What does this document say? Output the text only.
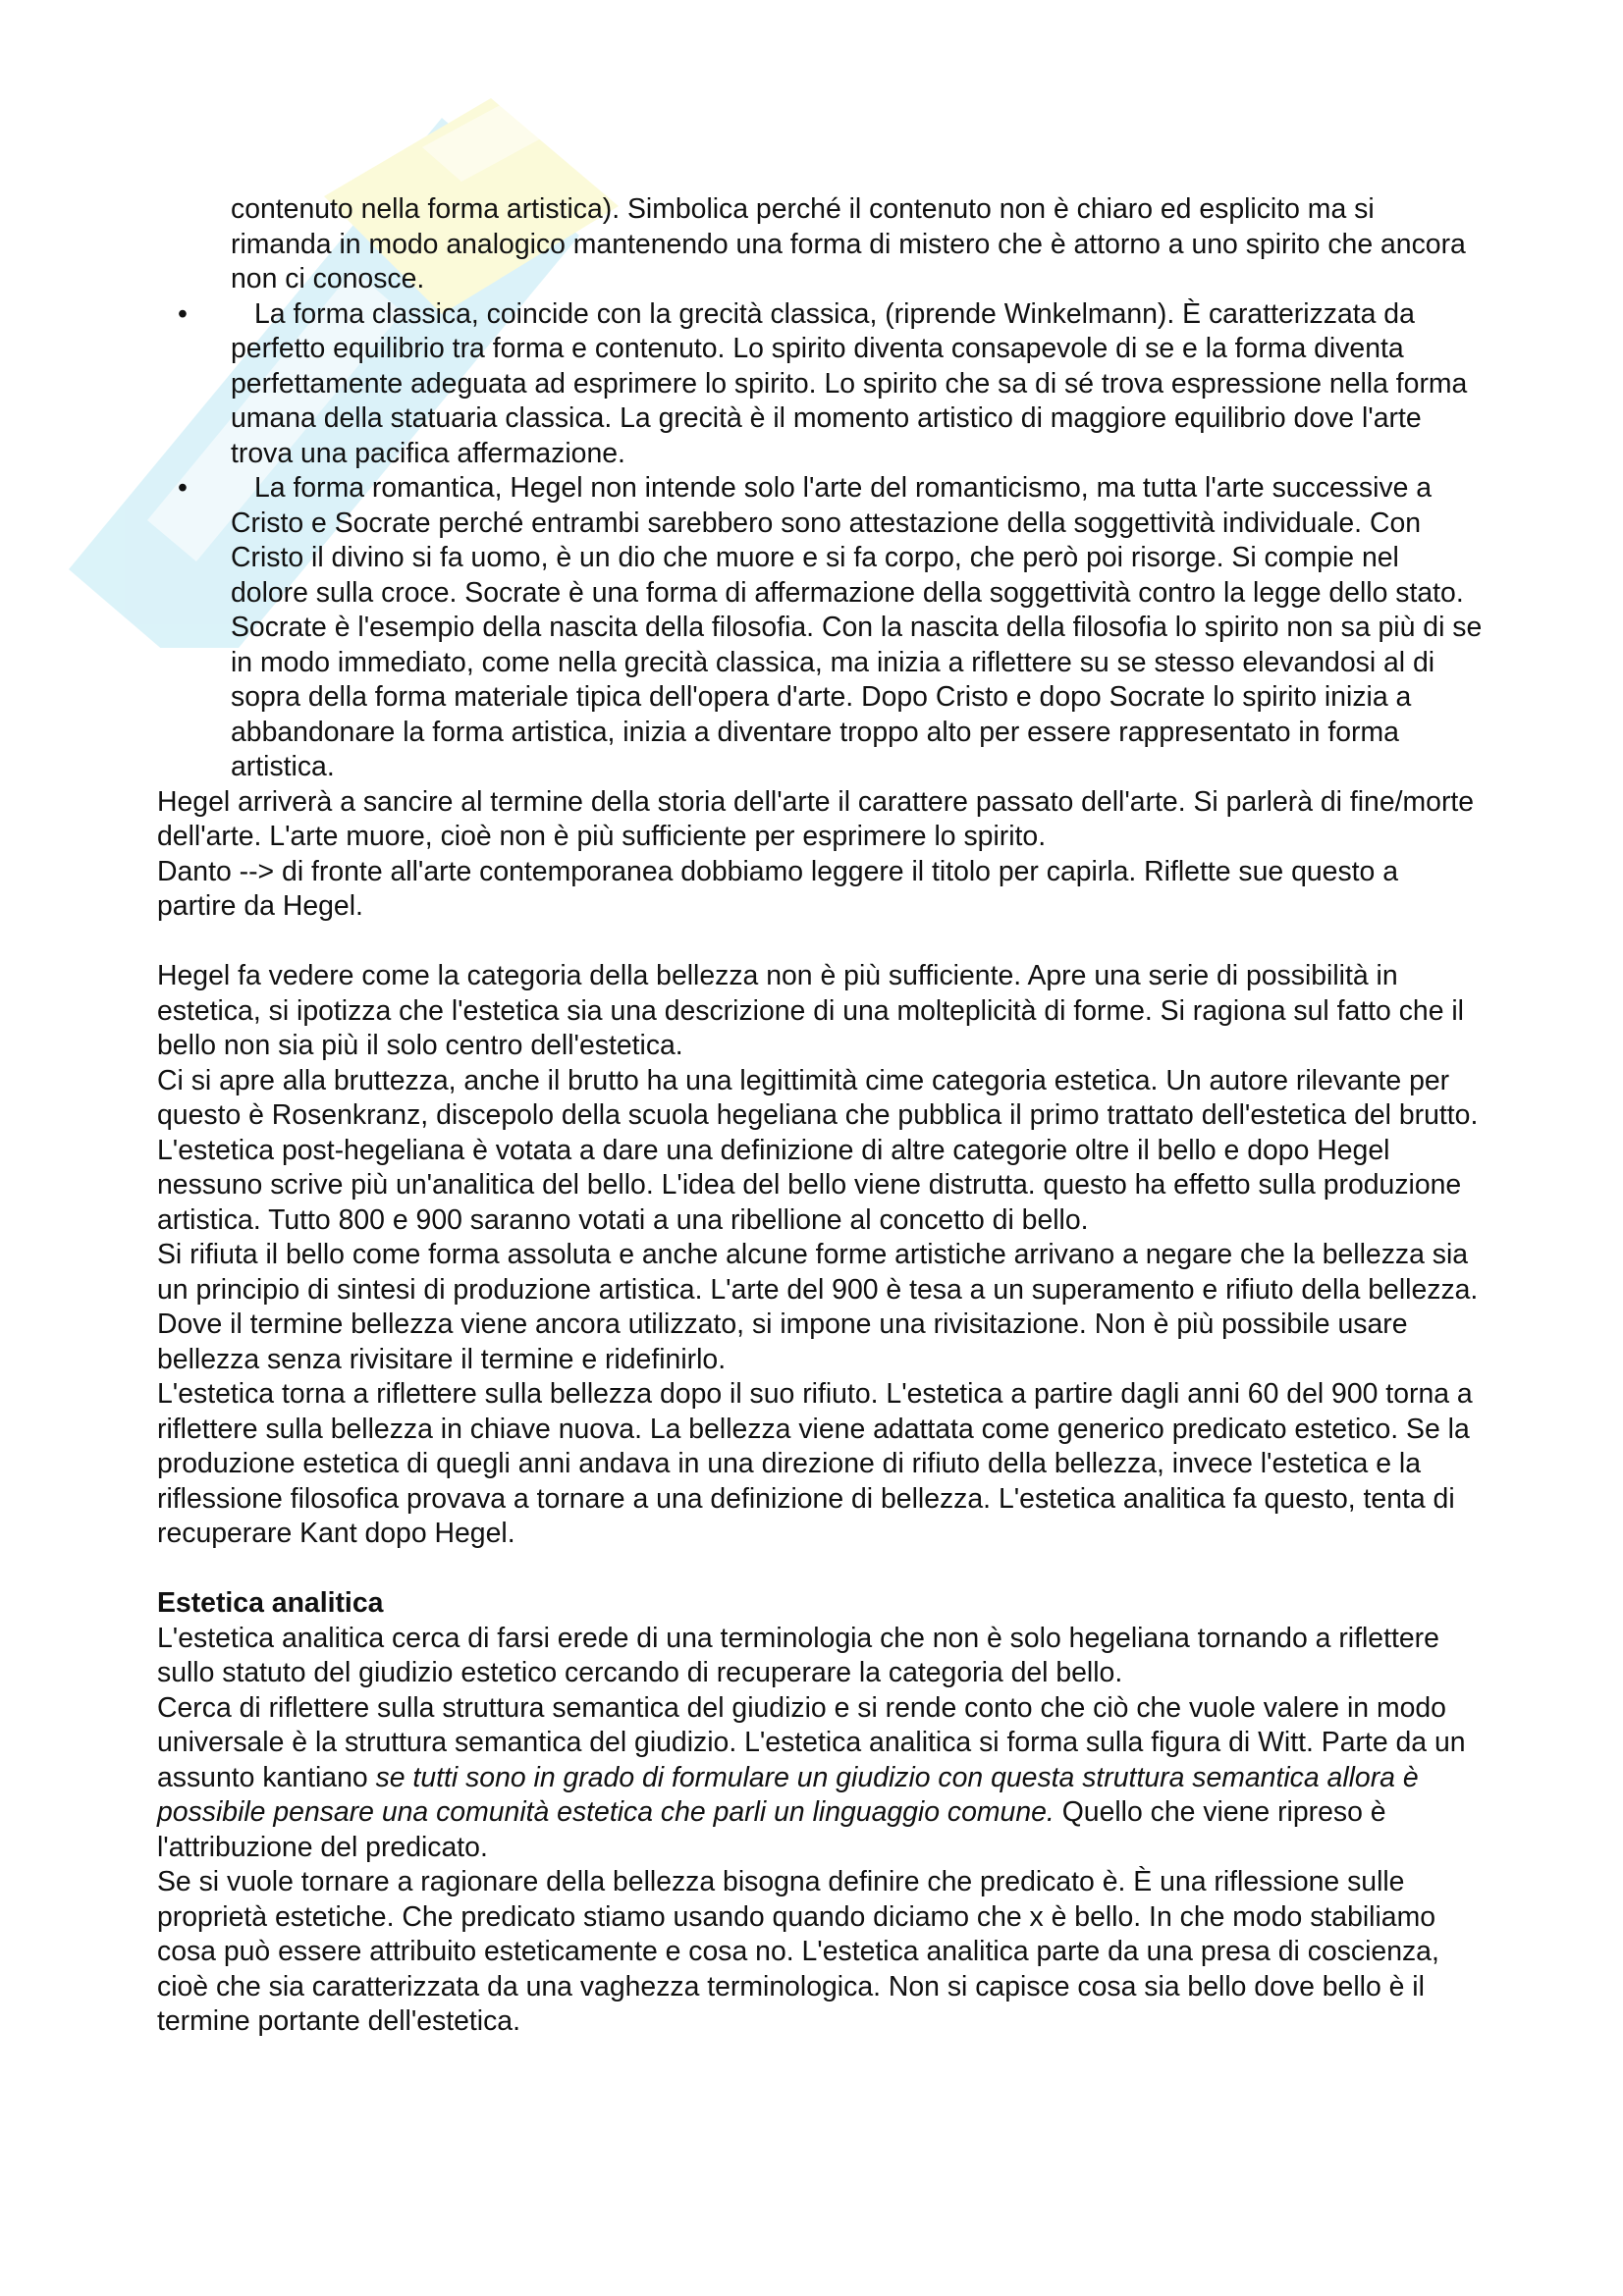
contenuto nella forma artistica). Simbolica perché il contenuto non è chiaro ed esplicito ma si rimanda in modo analogico mantenendo una forma di mistero che è attorno a uno spirito che ancora non ci conosce.

•	La forma classica, coincide con la grecità classica, (riprende Winkelmann). È caratterizzata da perfetto equilibrio tra forma e contenuto. Lo spirito diventa consapevole di se e la forma diventa perfettamente adeguata ad esprimere lo spirito. Lo spirito che sa di sé trova espressione nella forma umana della statuaria classica. La grecità è il momento artistico di maggiore equilibrio dove l'arte trova una pacifica affermazione.
•	La forma romantica, Hegel non intende solo l'arte del romanticismo, ma tutta l'arte successive a Cristo e Socrate perché entrambi sarebbero sono attestazione della soggettività individuale. Con Cristo il divino si fa uomo, è un dio che muore e si fa corpo, che però poi risorge. Si compie nel dolore sulla croce. Socrate è una forma di affermazione della soggettività contro la legge dello stato. Socrate è l'esempio della nascita della filosofia. Con la nascita della filosofia lo spirito non sa più di se in modo immediato, come nella grecità classica, ma inizia a riflettere su se stesso elevandosi al di sopra della forma materiale tipica dell'opera d'arte. Dopo Cristo e dopo Socrate lo spirito inizia a abbandonare la forma artistica, inizia a diventare troppo alto per essere rappresentato in forma artistica.

Hegel arriverà a sancire al termine della storia dell'arte il carattere passato dell'arte. Si parlerà di fine/morte dell'arte. L'arte muore, cioè non è più sufficiente per esprimere lo spirito.

Danto --> di fronte all'arte contemporanea dobbiamo leggere il titolo per capirla. Riflette sue questo a partire da Hegel.

Hegel fa vedere come la categoria della bellezza non è più sufficiente. Apre una serie di possibilità in estetica, si ipotizza che l'estetica sia una descrizione di una molteplicità di forme. Si ragiona sul fatto che il bello non sia più il solo centro dell'estetica.

Ci si apre alla bruttezza, anche il brutto ha una legittimità cime categoria estetica. Un autore rilevante per questo è Rosenkranz, discepolo della scuola hegeliana che pubblica il primo trattato dell'estetica del brutto. L'estetica post-hegeliana è votata a dare una definizione di altre categorie oltre il bello e dopo Hegel nessuno scrive più un'analitica del bello. L'idea del bello viene distrutta. questo ha effetto sulla produzione artistica. Tutto 800 e 900 saranno votati a una ribellione al concetto di bello.

Si rifiuta il bello come forma assoluta e anche alcune forme artistiche arrivano a negare che la bellezza sia un principio di sintesi di produzione artistica. L'arte del 900 è tesa a un superamento e rifiuto della bellezza.

Dove il termine bellezza viene ancora utilizzato, si impone una rivisitazione. Non è più possibile usare bellezza senza rivisitare il termine e ridefinirlo.

L'estetica torna a riflettere sulla bellezza dopo il suo rifiuto. L'estetica a partire dagli anni 60 del 900 torna a riflettere sulla bellezza in chiave nuova. La bellezza viene adattata come generico predicato estetico. Se la produzione estetica di quegli anni andava in una direzione di rifiuto della bellezza, invece l'estetica e la riflessione filosofica provava a tornare a una definizione di bellezza. L'estetica analitica fa questo, tenta di recuperare Kant dopo Hegel.

Estetica analitica

L'estetica analitica cerca di farsi erede di una terminologia che non è solo hegeliana tornando a riflettere sullo statuto del giudizio estetico cercando di recuperare la categoria del bello.

Cerca di riflettere sulla struttura semantica del giudizio e si rende conto che ciò che vuole valere in modo universale è la struttura semantica del giudizio. L'estetica analitica si forma sulla figura di Witt. Parte da un assunto kantiano se tutti sono in grado di formulare un giudizio con questa struttura semantica allora è possibile pensare una comunità estetica che parli un linguaggio comune. Quello che viene ripreso è l'attribuzione del predicato.

Se si vuole tornare a ragionare della bellezza bisogna definire che predicato è. È una riflessione sulle proprietà estetiche. Che predicato stiamo usando quando diciamo che x è bello. In che modo stabiliamo cosa può essere attribuito esteticamente e cosa no. L'estetica analitica parte da una presa di coscienza, cioè che sia caratterizzata da una vaghezza terminologica. Non si capisce cosa sia bello dove bello è il termine portante dell'estetica.
